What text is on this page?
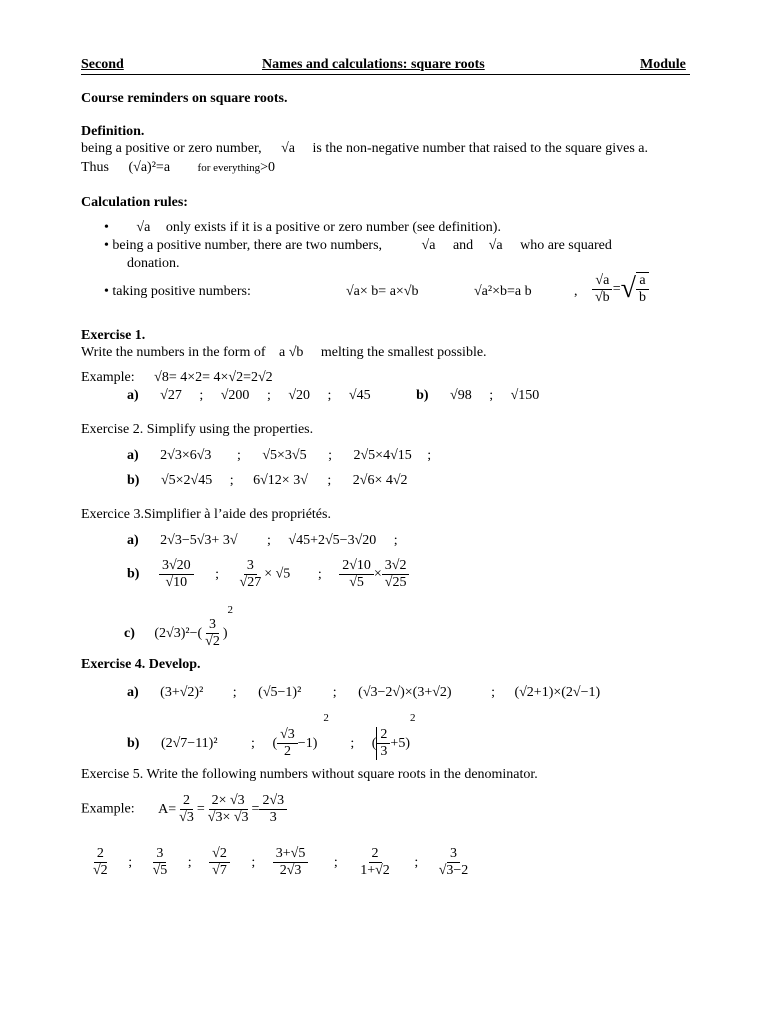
Second	Names and calculations: square roots	Module
Course reminders on square roots.
Definition.
being a positive or zero number, √a is the non-negative number that raised to the square gives a.
Thus (√a)²=a	for everything>0
Calculation rules:
• √a only exists if it is a positive or zero number (see definition).
• being a positive number, there are two numbers,	√a and √a who are squared
donation.
• taking positive numbers:	√a× b= a×√b	√a²×b=a b	, $\frac{√a}{√b}$ =√ $\frac{a}{b}$
Exercise 1.
Write the numbers in the form of a √b melting the smallest possible.
Example: √8= 4×2= 4×√2=2√2
a) √27 ; √200 ; √20 ; √45	b) √98 ; √150
Exercise 2. Simplify using the properties.
a) 2√3×6√3 ; √5×3√5 ; 2√5×4√15 ;
b) √5×2√45 ; 6√12× 3√ ; 2√6× 4√2
Exercice 3.Simplifier à l’aide des propriétés.
a) 2√3−5√3+ 3√ ; √45+2√5−3√20 ;
$b) \frac{3√20}{√10}$ ; $\frac{3}{√27} \times √5$ ; $\frac{2√10}{√5} \times \frac{3√2}{√25}$
c) $(2√3)^2-( \frac{3}{√2} )^2$
Exercise 4. Develop.
a) (3+√2)² ; (√5−1)² ; (√3−2√)×(3+√2)	; (√2+1)×(2√−1)
b) (2√7−11)² ; ( $\frac{√3}{2} -1)^2$ ; ( $\frac{2}{3} +5)^2$
Exercise 5. Write the following numbers without square roots in the denominator.
Example: $A= \frac{2}{√3} = \frac{2\times √3}{√3\times √3} = \frac{2√3}{3}$
$\frac{2}{√2}$ ; $\frac{3}{√5}$ ; $\frac{√2}{√7}$ ; $\frac{3+√5}{2√3}$ ; $\frac{2}{1+√2}$ ; $\frac{3}{√3-2}$
